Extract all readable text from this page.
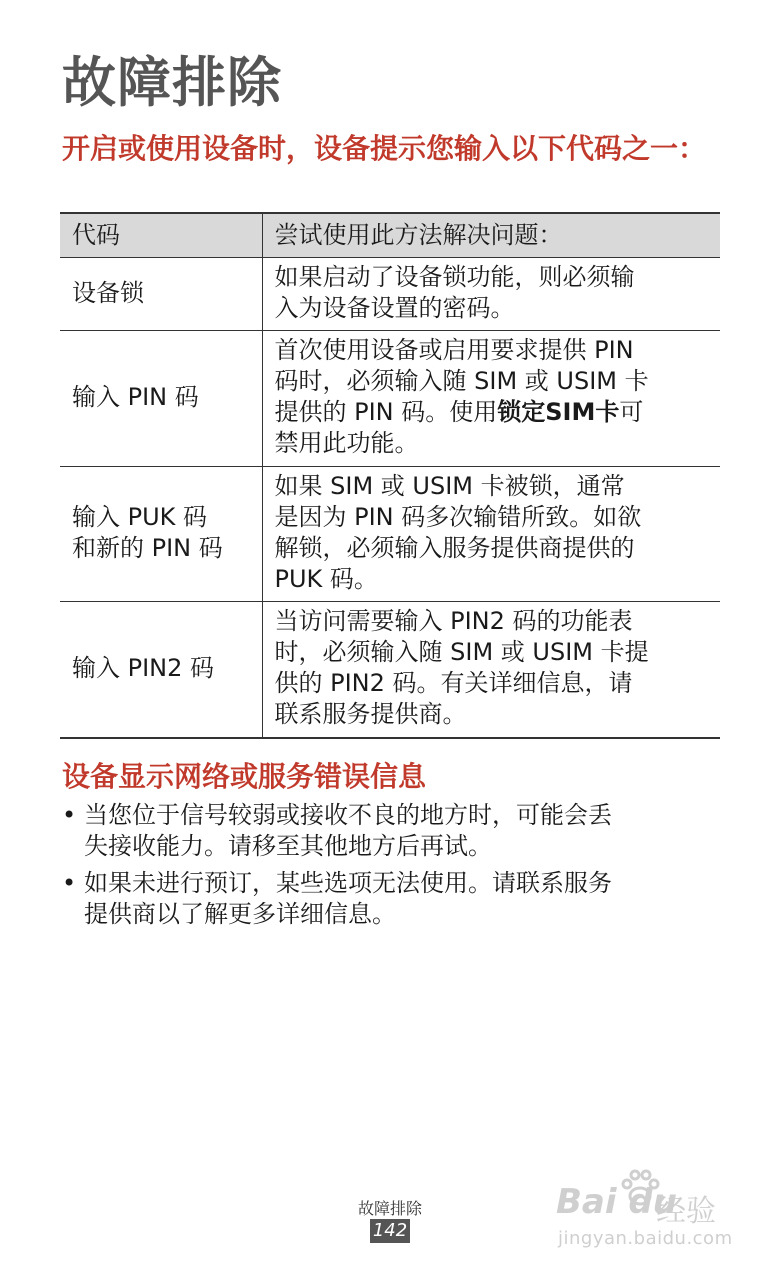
故障排除
开启或使用设备时，设备提示您输入以下代码之一：
代码	尝试使用此方法解决问题：

设备锁	如果启动了设备锁功能，则必须输
入为设备设置的密码。

输入 PIN 码	首次使用设备或启用要求提供 PIN
码时，必须输入随 SIM 或 USIM 卡
提供的 PIN 码。使用锁定SIM卡可
禁用此功能。

输入 PUK 码
和新的 PIN 码	如果 SIM 或 USIM 卡被锁，通常
是因为 PIN 码多次输错所致。如欲
解锁，必须输入服务提供商提供的
PUK 码。

输入 PIN2 码	当访问需要输入 PIN2 码的功能表
时，必须输入随 SIM 或 USIM 卡提
供的 PIN2 码。有关详细信息，请
联系服务提供商。
设备显示网络或服务错误信息
• 当您位于信号较弱或接收不良的地方时，可能会丢
失接收能力。请移至其他地方后再试。
• 如果未进行预订，某些选项无法使用。请联系服务
提供商以了解更多详细信息。
故障排除
142
Bai du
经验
jingyan.baidu.com
